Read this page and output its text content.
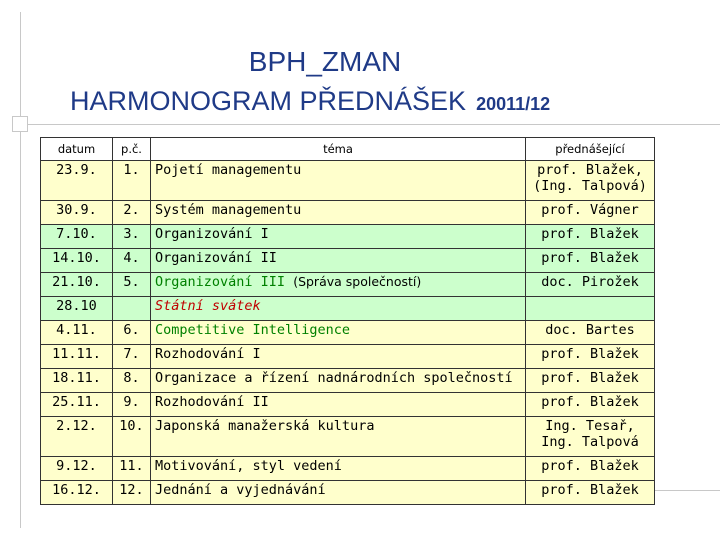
BPH_ZMAN
HARMONOGRAM PŘEDNÁŠEK 20011/12
datum	p.č.	téma	přednášející
23.9.	1.	Pojetí managementu	prof. Blažek,
(Ing. Talpová)
30.9.	2.	Systém managementu	prof. Vágner
7.10.	3.	Organizování I	prof. Blažek
14.10.	4.	Organizování II	prof. Blažek
21.10.	5.	Organizování III (Správa společností)	doc. Pirožek
28.10		Státní svátek	
4.11.	6.	Competitive Intelligence	doc. Bartes
11.11.	7.	Rozhodování I	prof. Blažek
18.11.	8.	Organizace a řízení nadnárodních společností	prof. Blažek
25.11.	9.	Rozhodování II	prof. Blažek
2.12.	10.	Japonská manažerská kultura	Ing. Tesař,
Ing. Talpová
9.12.	11.	Motivování, styl vedení	prof. Blažek
16.12.	12.	Jednání a vyjednávání	prof. Blažek
